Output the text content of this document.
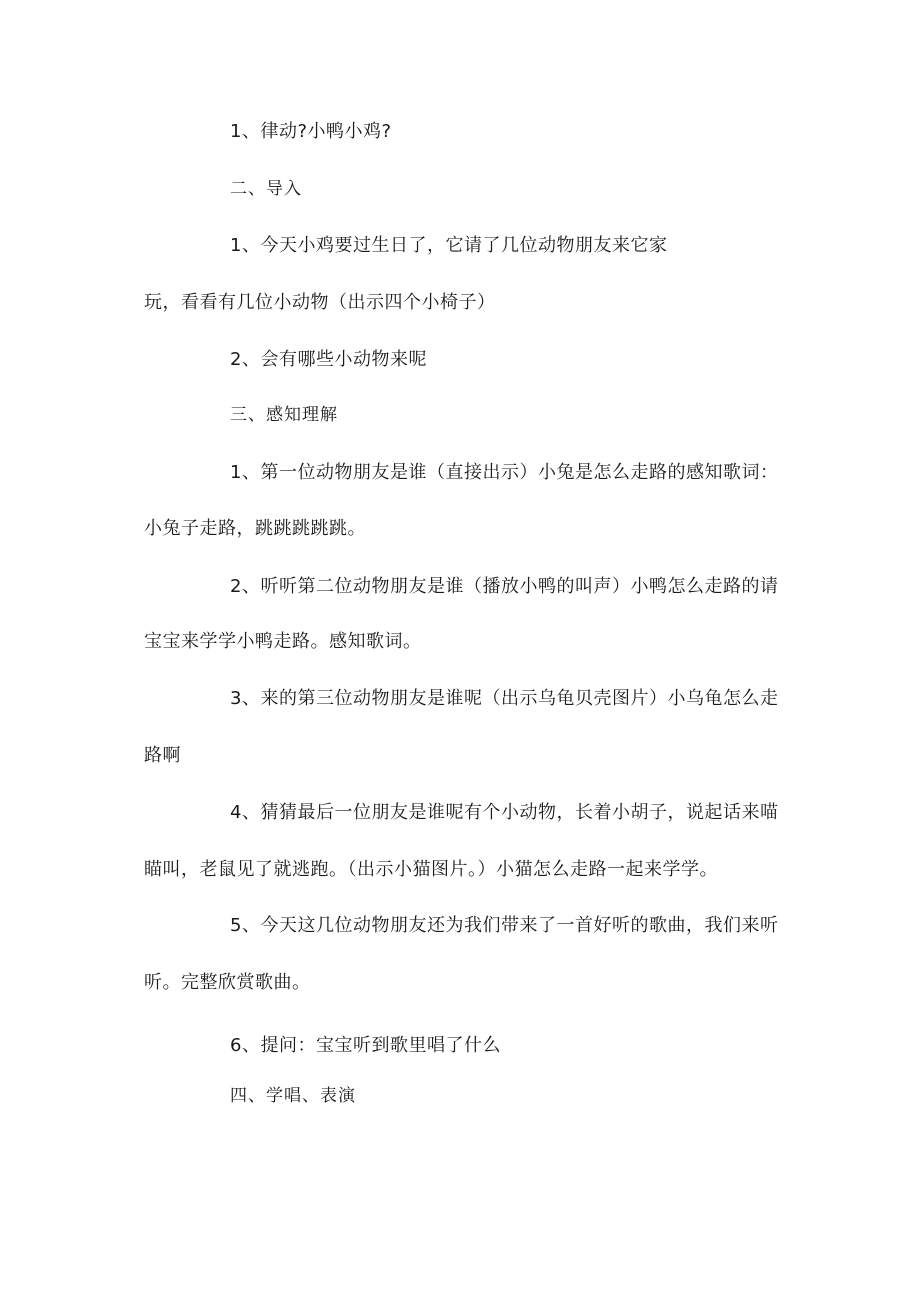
1、律动?小鸭小鸡?
二、导入
1、今天小鸡要过生日了，它请了几位动物朋友来它家
玩，看看有几位小动物（出示四个小椅子）
2、会有哪些小动物来呢
三、感知理解
1、第一位动物朋友是谁（直接出示）小兔是怎么走路的感知歌词：
小兔子走路，跳跳跳跳跳。
2、听听第二位动物朋友是谁（播放小鸭的叫声）小鸭怎么走路的请
宝宝来学学小鸭走路。感知歌词。
3、来的第三位动物朋友是谁呢（出示乌龟贝壳图片）小乌龟怎么走
路啊
4、猜猜最后一位朋友是谁呢有个小动物，长着小胡子，说起话来喵
瞄叫，老鼠见了就逃跑。（出示小猫图片。）小猫怎么走路一起来学学。
5、今天这几位动物朋友还为我们带来了一首好听的歌曲，我们来听
听。完整欣赏歌曲。
6、提问：宝宝听到歌里唱了什么
四、学唱、表演
